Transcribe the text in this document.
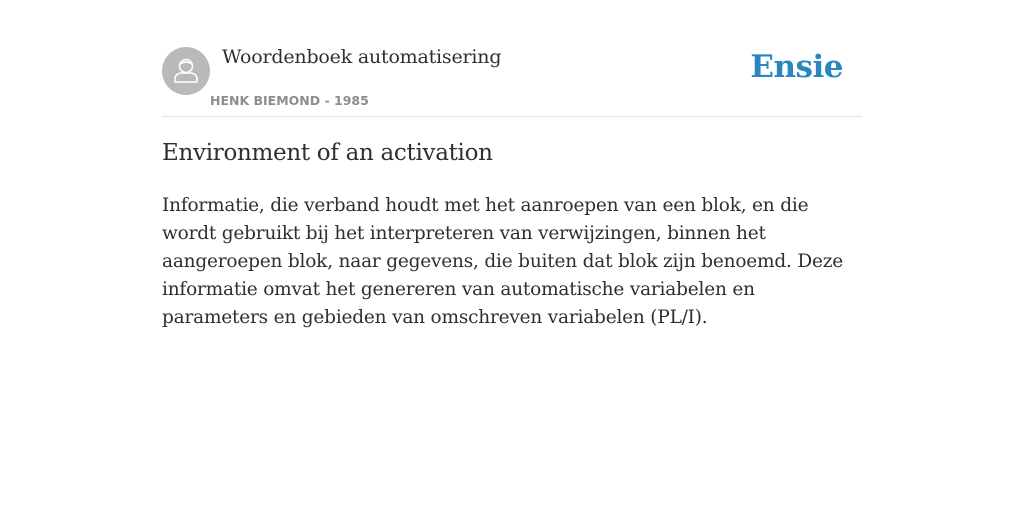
Woordenboek automatisering
HENK BIEMOND - 1985
Ensie
Environment of an activation

Informatie, die verband houdt met het aanroepen van een blok, en die wordt gebruikt bij het interpreteren van verwijzingen, binnen het aangeroepen blok, naar gegevens, die buiten dat blok zijn benoemd. Deze informatie omvat het genereren van automatische variabelen en parameters en gebieden van omschreven variabelen (PL/I).
